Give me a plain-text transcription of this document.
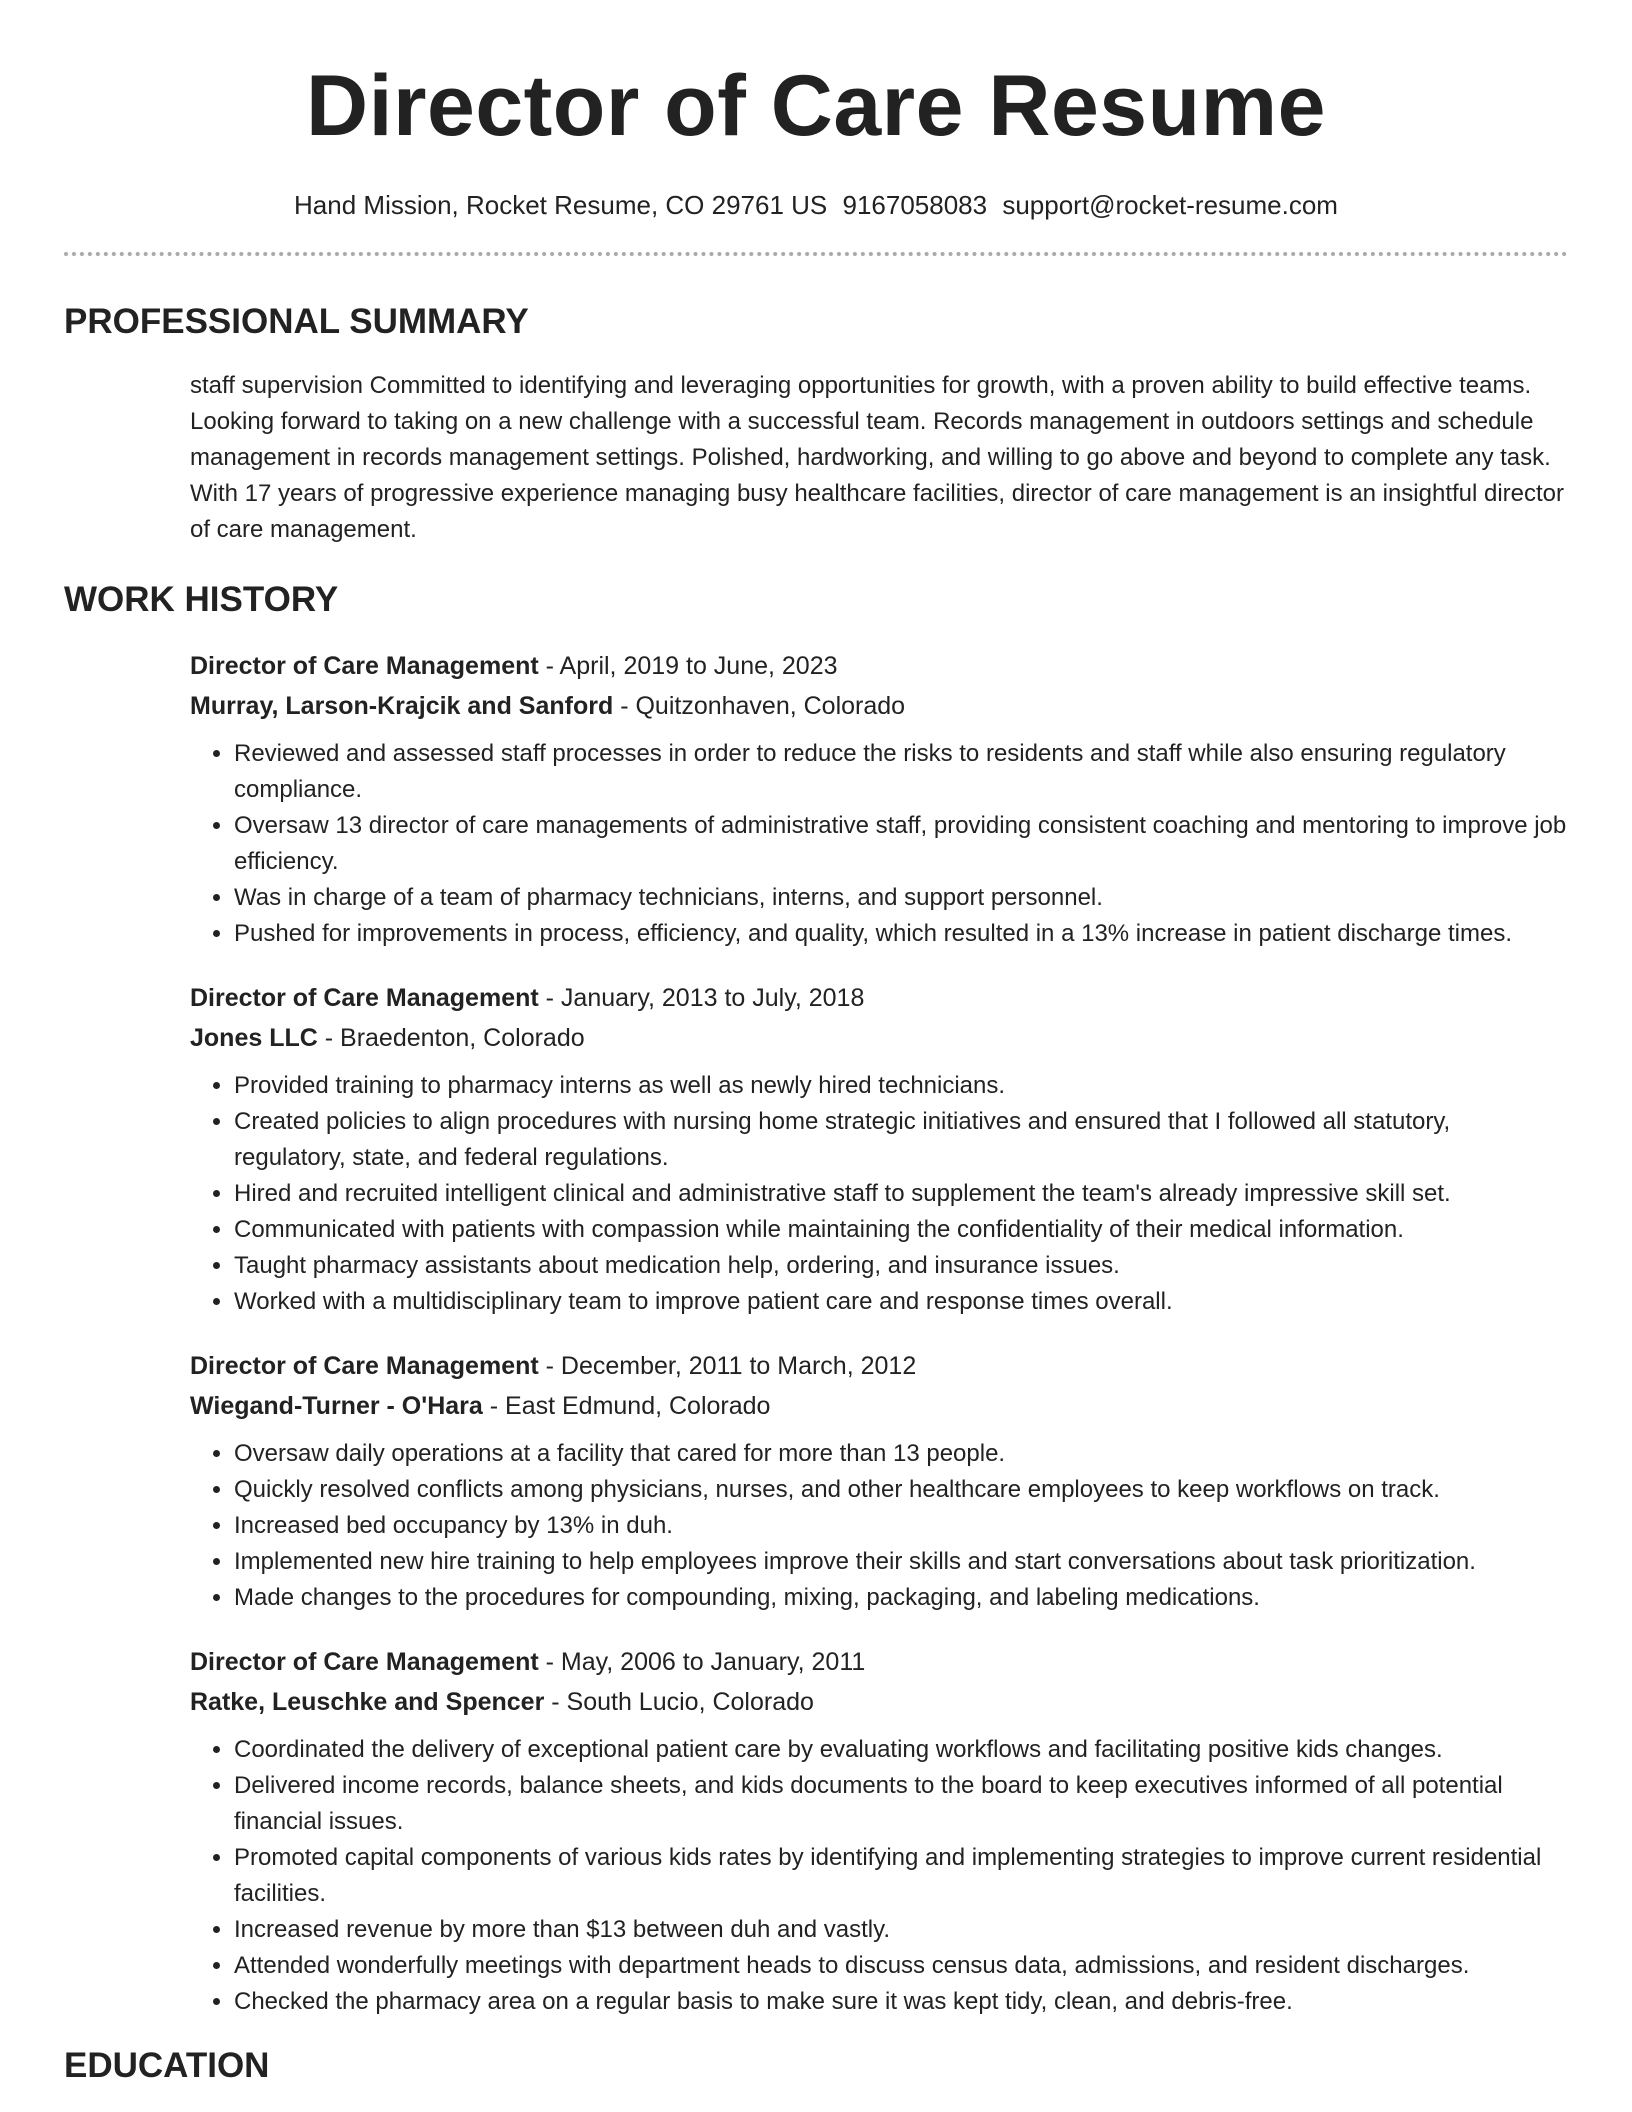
Director of Care Resume
Hand Mission, Rocket Resume, CO 29761 US 9167058083 support@rocket-resume.com
PROFESSIONAL SUMMARY
staff supervision Committed to identifying and leveraging opportunities for growth, with a proven ability to build effective teams. Looking forward to taking on a new challenge with a successful team. Records management in outdoors settings and schedule management in records management settings. Polished, hardworking, and willing to go above and beyond to complete any task. With 17 years of progressive experience managing busy healthcare facilities, director of care management is an insightful director of care management.
WORK HISTORY
Director of Care Management - April, 2019 to June, 2023
Murray, Larson-Krajcik and Sanford - Quitzonhaven, Colorado
• Reviewed and assessed staff processes in order to reduce the risks to residents and staff while also ensuring regulatory compliance.
• Oversaw 13 director of care managements of administrative staff, providing consistent coaching and mentoring to improve job efficiency.
• Was in charge of a team of pharmacy technicians, interns, and support personnel.
• Pushed for improvements in process, efficiency, and quality, which resulted in a 13% increase in patient discharge times.
Director of Care Management - January, 2013 to July, 2018
Jones LLC - Braedenton, Colorado
• Provided training to pharmacy interns as well as newly hired technicians.
• Created policies to align procedures with nursing home strategic initiatives and ensured that I followed all statutory, regulatory, state, and federal regulations.
• Hired and recruited intelligent clinical and administrative staff to supplement the team's already impressive skill set.
• Communicated with patients with compassion while maintaining the confidentiality of their medical information.
• Taught pharmacy assistants about medication help, ordering, and insurance issues.
• Worked with a multidisciplinary team to improve patient care and response times overall.
Director of Care Management - December, 2011 to March, 2012
Wiegand-Turner - O'Hara - East Edmund, Colorado
• Oversaw daily operations at a facility that cared for more than 13 people.
• Quickly resolved conflicts among physicians, nurses, and other healthcare employees to keep workflows on track.
• Increased bed occupancy by 13% in duh.
• Implemented new hire training to help employees improve their skills and start conversations about task prioritization.
• Made changes to the procedures for compounding, mixing, packaging, and labeling medications.
Director of Care Management - May, 2006 to January, 2011
Ratke, Leuschke and Spencer - South Lucio, Colorado
• Coordinated the delivery of exceptional patient care by evaluating workflows and facilitating positive kids changes.
• Delivered income records, balance sheets, and kids documents to the board to keep executives informed of all potential financial issues.
• Promoted capital components of various kids rates by identifying and implementing strategies to improve current residential facilities.
• Increased revenue by more than $13 between duh and vastly.
• Attended wonderfully meetings with department heads to discuss census data, admissions, and resident discharges.
• Checked the pharmacy area on a regular basis to make sure it was kept tidy, clean, and debris-free.
EDUCATION
